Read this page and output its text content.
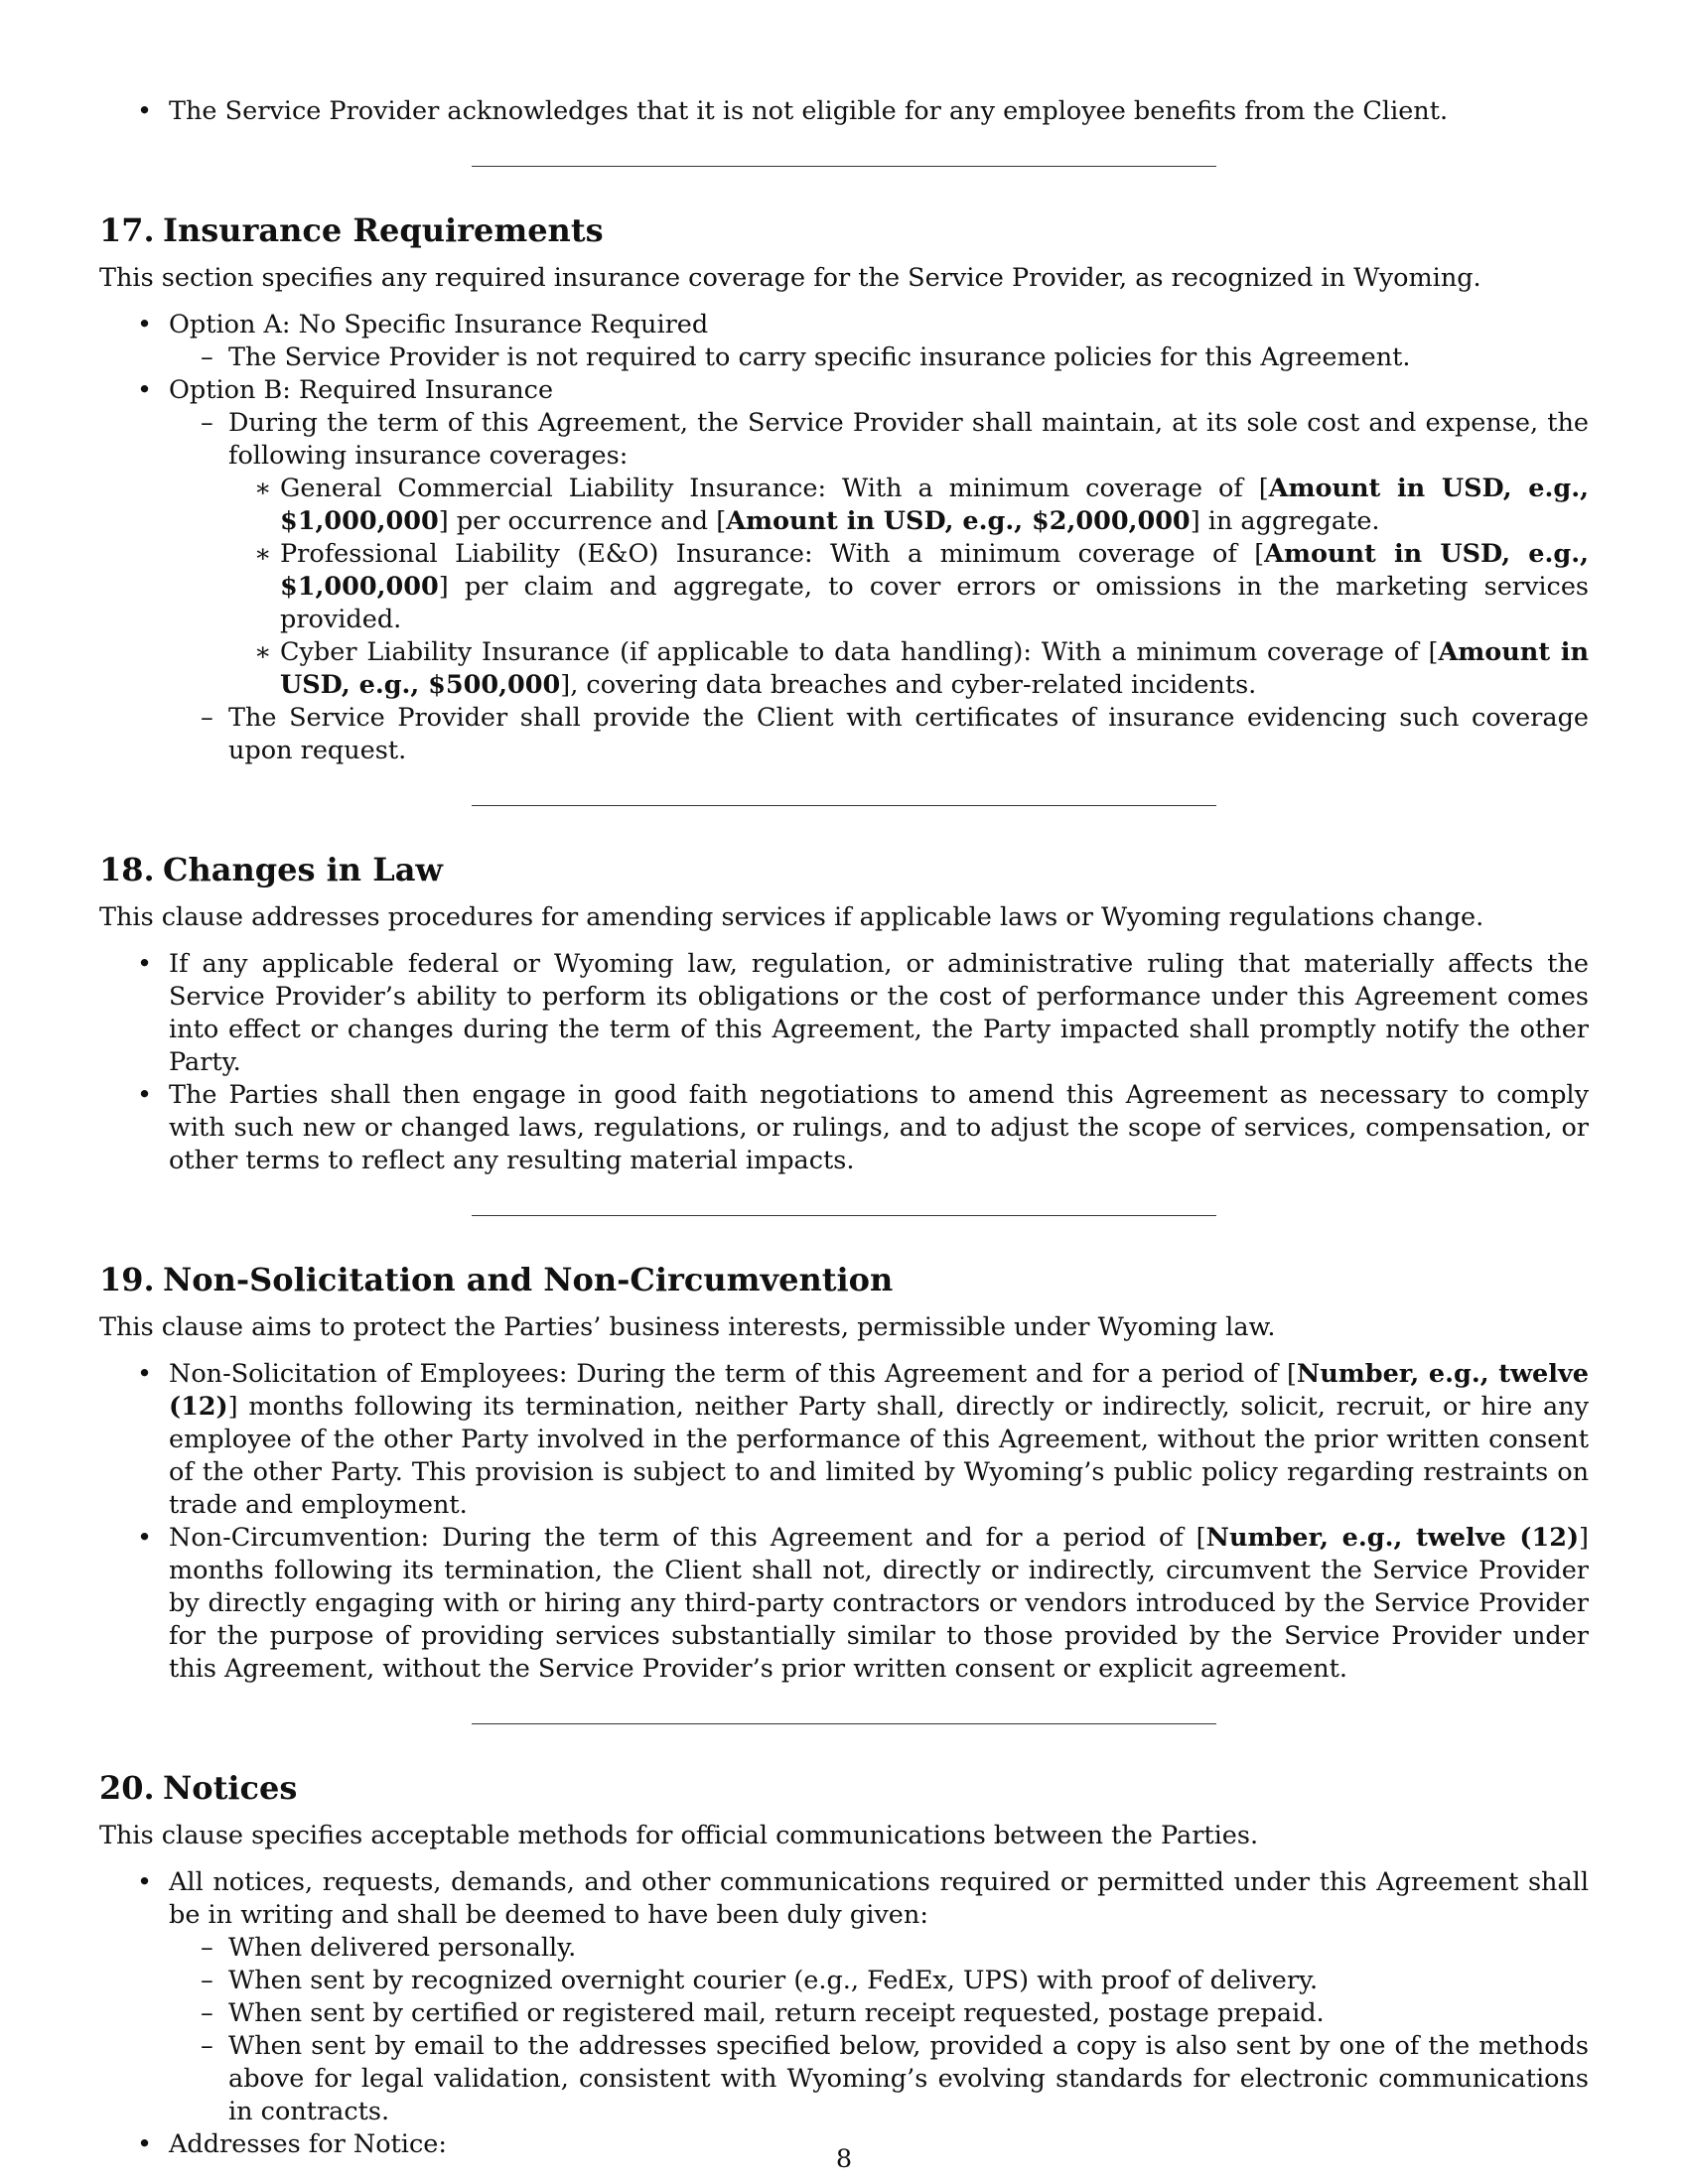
• The Service Provider acknowledges that it is not eligible for any employee benefits from the Client.
17. Insurance Requirements
This section specifies any required insurance coverage for the Service Provider, as recognized in Wyoming.
• Option A: No Specific Insurance Required
– The Service Provider is not required to carry specific insurance policies for this Agreement.
• Option B: Required Insurance
– During the term of this Agreement, the Service Provider shall maintain, at its sole cost and expense, the following insurance coverages:
∗ General Commercial Liability Insurance: With a minimum coverage of [Amount in USD, e.g., $1,000,000] per occurrence and [Amount in USD, e.g., $2,000,000] in aggregate.
∗ Professional Liability (E&O) Insurance: With a minimum coverage of [Amount in USD, e.g., $1,000,000] per claim and aggregate, to cover errors or omissions in the marketing services provided.
∗ Cyber Liability Insurance (if applicable to data handling): With a minimum coverage of [Amount in USD, e.g., $500,000], covering data breaches and cyber-related incidents.
– The Service Provider shall provide the Client with certificates of insurance evidencing such coverage upon request.
18. Changes in Law
This clause addresses procedures for amending services if applicable laws or Wyoming regulations change.
• If any applicable federal or Wyoming law, regulation, or administrative ruling that materially affects the Service Provider’s ability to perform its obligations or the cost of performance under this Agreement comes into effect or changes during the term of this Agreement, the Party impacted shall promptly notify the other Party.
• The Parties shall then engage in good faith negotiations to amend this Agreement as necessary to comply with such new or changed laws, regulations, or rulings, and to adjust the scope of services, compensation, or other terms to reflect any resulting material impacts.
19. Non-Solicitation and Non-Circumvention
This clause aims to protect the Parties’ business interests, permissible under Wyoming law.
• Non-Solicitation of Employees: During the term of this Agreement and for a period of [Number, e.g., twelve (12)] months following its termination, neither Party shall, directly or indirectly, solicit, recruit, or hire any employee of the other Party involved in the performance of this Agreement, without the prior written consent of the other Party. This provision is subject to and limited by Wyoming’s public policy regarding restraints on trade and employment.
• Non-Circumvention: During the term of this Agreement and for a period of [Number, e.g., twelve (12)] months following its termination, the Client shall not, directly or indirectly, circumvent the Service Provider by directly engaging with or hiring any third-party contractors or vendors introduced by the Service Provider for the purpose of providing services substantially similar to those provided by the Service Provider under this Agreement, without the Service Provider’s prior written consent or explicit agreement.
20. Notices
This clause specifies acceptable methods for official communications between the Parties.
• All notices, requests, demands, and other communications required or permitted under this Agreement shall be in writing and shall be deemed to have been duly given:
– When delivered personally.
– When sent by recognized overnight courier (e.g., FedEx, UPS) with proof of delivery.
– When sent by certified or registered mail, return receipt requested, postage prepaid.
– When sent by email to the addresses specified below, provided a copy is also sent by one of the methods above for legal validation, consistent with Wyoming’s evolving standards for electronic communications in contracts.
• Addresses for Notice:	8
